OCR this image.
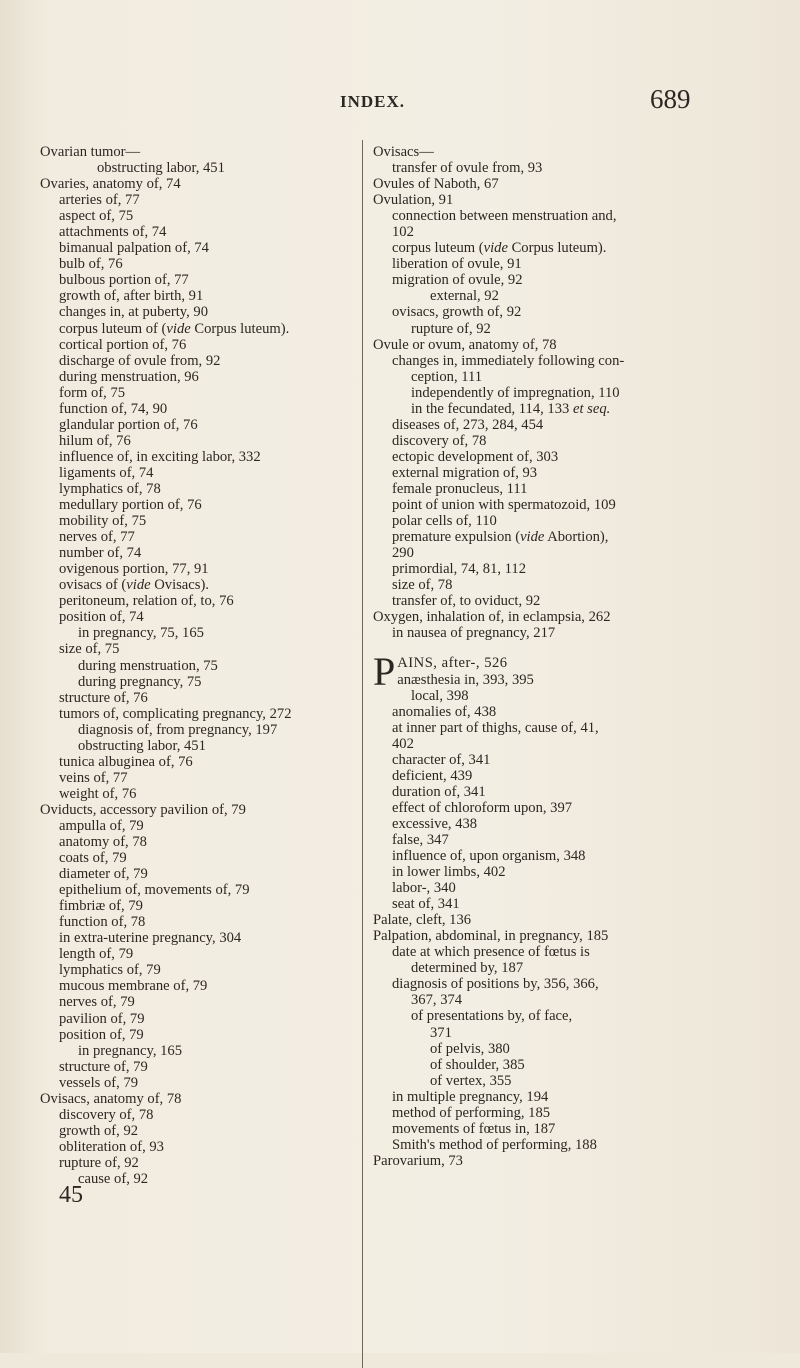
INDEX.	689
Ovarian tumor—
obstructing labor, 451
Ovaries, anatomy of, 74
arteries of, 77
aspect of, 75
attachments of, 74
bimanual palpation of, 74
bulb of, 76
bulbous portion of, 77
growth of, after birth, 91
changes in, at puberty, 90
corpus luteum of (vide Corpus luteum).
cortical portion of, 76
discharge of ovule from, 92
during menstruation, 96
form of, 75
function of, 74, 90
glandular portion of, 76
hilum of, 76
influence of, in exciting labor, 332
ligaments of, 74
lymphatics of, 78
medullary portion of, 76
mobility of, 75
nerves of, 77
number of, 74
ovigenous portion, 77, 91
ovisacs of (vide Ovisacs).
peritoneum, relation of, to, 76
position of, 74
in pregnancy, 75, 165
size of, 75
during menstruation, 75
during pregnancy, 75
structure of, 76
tumors of, complicating pregnancy, 272
diagnosis of, from pregnancy, 197
obstructing labor, 451
tunica albuginea of, 76
veins of, 77
weight of, 76
Oviducts, accessory pavilion of, 79
ampulla of, 79
anatomy of, 78
coats of, 79
diameter of, 79
epithelium of, movements of, 79
fimbriæ of, 79
function of, 78
in extra-uterine pregnancy, 304
length of, 79
lymphatics of, 79
mucous membrane of, 79
nerves of, 79
pavilion of, 79
position of, 79
in pregnancy, 165
structure of, 79
vessels of, 79
Ovisacs, anatomy of, 78
discovery of, 78
growth of, 92
obliteration of, 93
rupture of, 92
cause of, 92
45
Ovisacs—
transfer of ovule from, 93
Ovules of Naboth, 67
Ovulation, 91
connection between menstruation and,
102
corpus luteum (vide Corpus luteum).
liberation of ovule, 91
migration of ovule, 92
external, 92
ovisacs, growth of, 92
rupture of, 92
Ovule or ovum, anatomy of, 78
changes in, immediately following con-
ception, 111
independently of impregnation, 110
in the fecundated, 114, 133 et seq.
diseases of, 273, 284, 454
discovery of, 78
ectopic development of, 303
external migration of, 93
female pronucleus, 111
point of union with spermatozoid, 109
polar cells of, 110
premature expulsion (vide Abortion),
290
primordial, 74, 81, 112
size of, 78
transfer of, to oviduct, 92
Oxygen, inhalation of, in eclampsia, 262
in nausea of pregnancy, 217
PAINS, after-, 526
anæsthesia in, 393, 395
local, 398
anomalies of, 438
at inner part of thighs, cause of, 41,
402
character of, 341
deficient, 439
duration of, 341
effect of chloroform upon, 397
excessive, 438
false, 347
influence of, upon organism, 348
in lower limbs, 402
labor-, 340
seat of, 341
Palate, cleft, 136
Palpation, abdominal, in pregnancy, 185
date at which presence of fœtus is
determined by, 187
diagnosis of positions by, 356, 366,
367, 374
of presentations by, of face,
371
of pelvis, 380
of shoulder, 385
of vertex, 355
in multiple pregnancy, 194
method of performing, 185
movements of fœtus in, 187
Smith's method of performing, 188
Parovarium, 73
